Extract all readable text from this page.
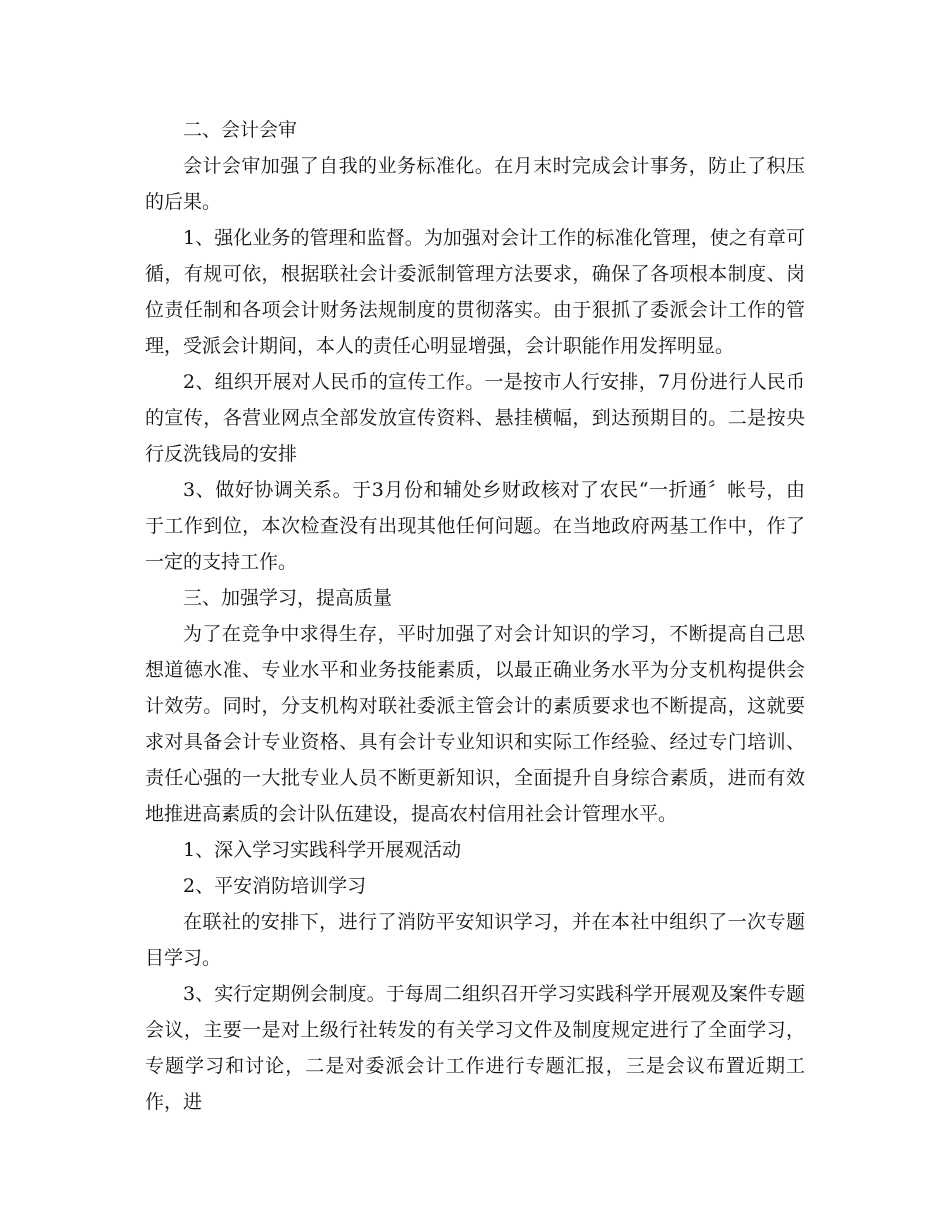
二、会计会审

会计会审加强了自我的业务标准化。在月末时完成会计事务，防止了积压的后果。

1、强化业务的管理和监督。为加强对会计工作的标准化管理，使之有章可循，有规可依，根据联社会计委派制管理方法要求，确保了各项根本制度、岗位责任制和各项会计财务法规制度的贯彻落实。由于狠抓了委派会计工作的管理，受派会计期间，本人的责任心明显增强，会计职能作用发挥明显。

2、组织开展对人民币的宣传工作。一是按市人行安排，7月份进行人民币的宣传，各营业网点全部发放宣传资料、悬挂横幅，到达预期目的。二是按央行反洗钱局的安排

3、做好协调关系。于3月份和辅处乡财政核对了农民“一折通〞帐号，由于工作到位，本次检查没有出现其他任何问题。在当地政府两基工作中，作了一定的支持工作。

三、加强学习，提高质量

为了在竞争中求得生存，平时加强了对会计知识的学习，不断提高自己思想道德水准、专业水平和业务技能素质，以最正确业务水平为分支机构提供会计效劳。同时，分支机构对联社委派主管会计的素质要求也不断提高，这就要求对具备会计专业资格、具有会计专业知识和实际工作经验、经过专门培训、责任心强的一大批专业人员不断更新知识，全面提升自身综合素质，进而有效地推进高素质的会计队伍建设，提高农村信用社会计管理水平。

1、深入学习实践科学开展观活动

2、平安消防培训学习

在联社的安排下，进行了消防平安知识学习，并在本社中组织了一次专题目学习。

3、实行定期例会制度。于每周二组织召开学习实践科学开展观及案件专题会议，主要一是对上级行社转发的有关学习文件及制度规定进行了全面学习，专题学习和讨论，二是对委派会计工作进行专题汇报，三是会议布置近期工作，进
